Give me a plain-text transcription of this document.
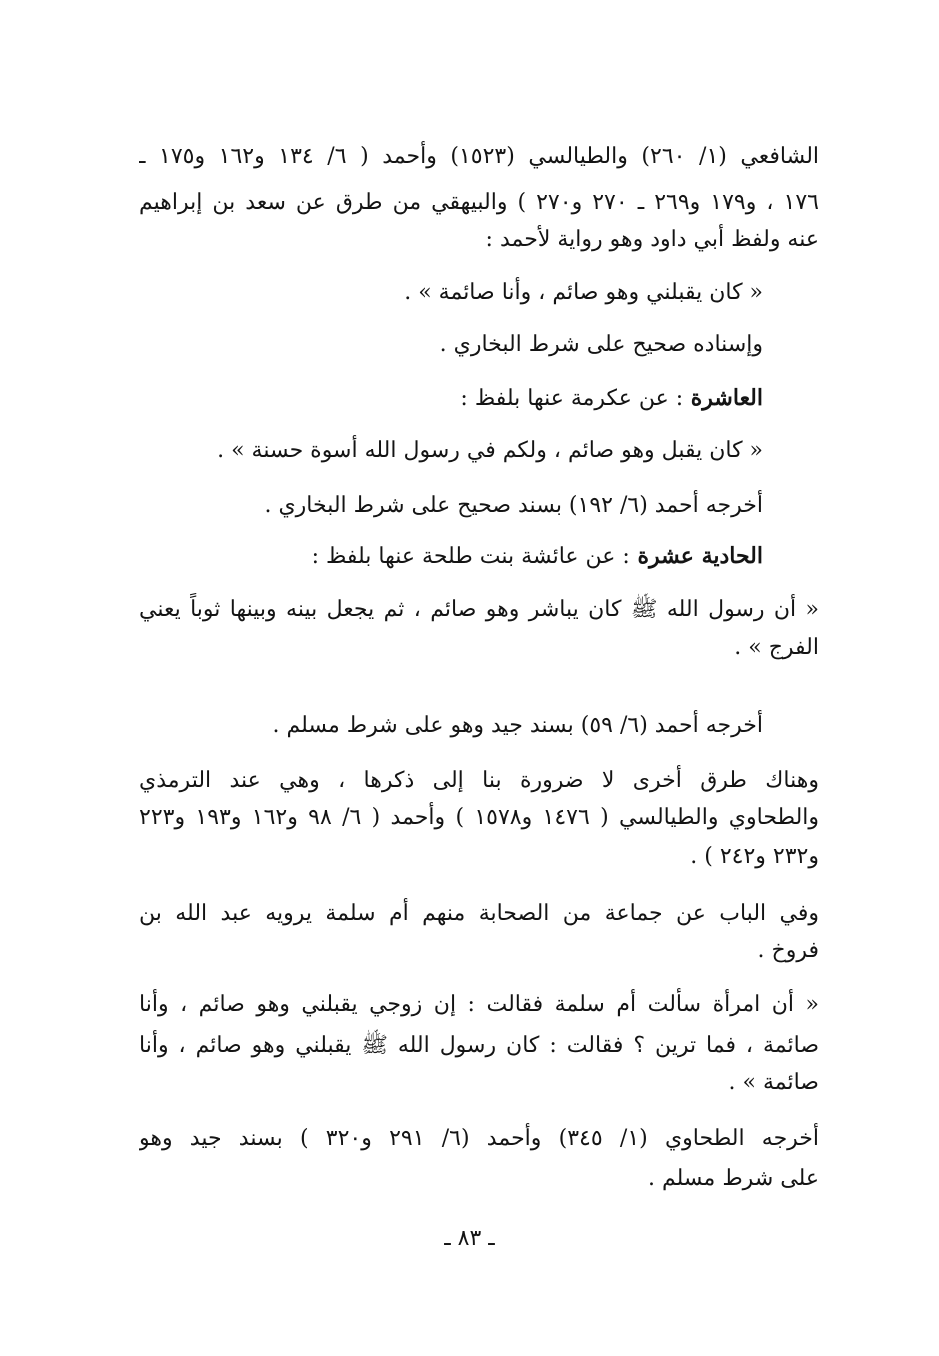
الشافعي (١/ ٢٦٠) والطيالسي (١٥٢٣) وأحمد ( ٦/ ١٣٤ و١٦٢ و١٧٥ ـ
١٧٦ ، و١٧٩ و٢٦٩ ـ ٢٧٠ و٢٧٠ ) والبيهقي من طرق عن سعد بن إبراهيم
عنه ولفظ أبي داود وهو رواية لأحمد :
« كان يقبلني وهو صائم ، وأنا صائمة » .
وإسناده صحيح على شرط البخاري .
العاشرة : عن عكرمة عنها بلفظ :
« كان يقبل وهو صائم ، ولكم في رسول الله أسوة حسنة » .
أخرجه أحمد (٦/ ١٩٢) بسند صحيح على شرط البخاري .
الحادية عشرة : عن عائشة بنت طلحة عنها بلفظ :
« أن رسول الله ﷺ كان يباشر وهو صائم ، ثم يجعل بينه وبينها ثوباً يعني
الفرج » .
أخرجه أحمد (٦/ ٥٩) بسند جيد وهو على شرط مسلم .
وهناك طرق أخرى لا ضرورة بنا إلى ذكرها ، وهي عند الترمذي
والطحاوي والطيالسي ( ١٤٧٦ و١٥٧٨ ) وأحمد ( ٦/ ٩٨ و١٦٢ و١٩٣ و٢٢٣
و٢٣٢ و٢٤٢ ) .
وفي الباب عن جماعة من الصحابة منهم أم سلمة يرويه عبد الله بن
فروخ .
« أن امرأة سألت أم سلمة فقالت : إن زوجي يقبلني وهو صائم ، وأنا
صائمة ، فما ترين ؟ فقالت : كان رسول الله ﷺ يقبلني وهو صائم ، وأنا
صائمة » .
أخرجه الطحاوي (١/ ٣٤٥) وأحمد (٦/ ٢٩١ و٣٢٠ ) بسند جيد وهو
على شرط مسلم .
ـ ٨٣ ـ
